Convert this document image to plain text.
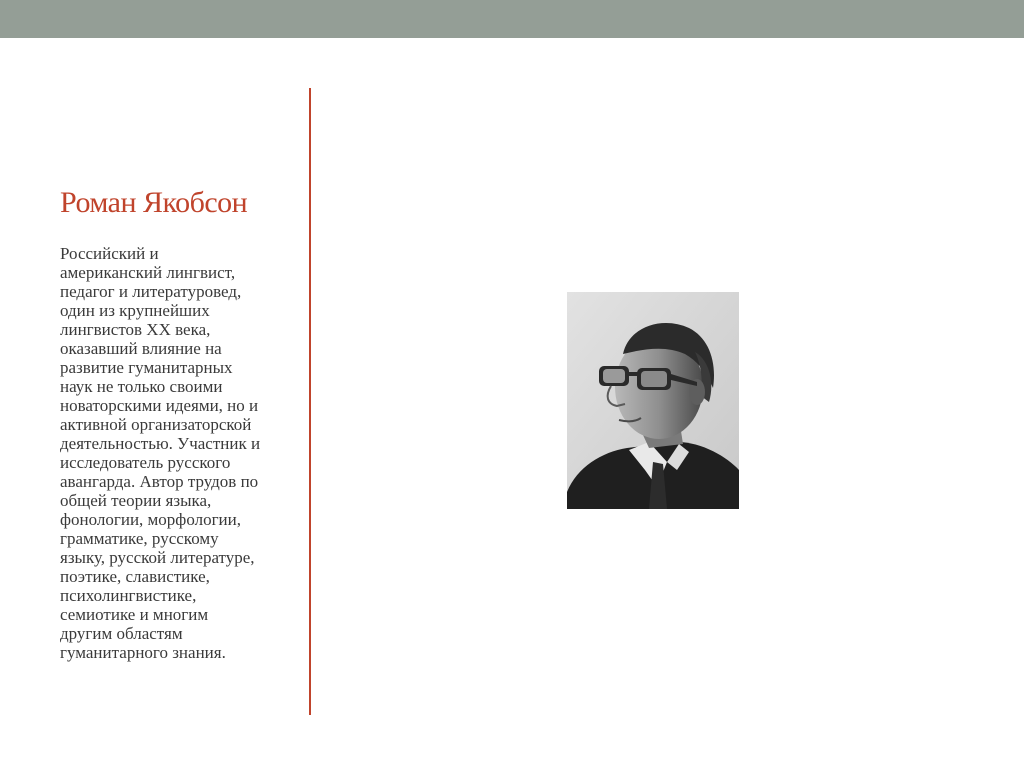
Роман Якобсон

Российский и
американский лингвист,
педагог и литературовед,
один из крупнейших
лингвистов XX века,
оказавший влияние на
развитие гуманитарных
наук не только своими
новаторскими идеями, но и
активной организаторской
деятельностью. Участник и
исследователь русского
авангарда. Автор трудов по
общей теории языка,
фонологии, морфологии,
грамматике, русскому
языку, русской литературе,
поэтике, славистике,
психолингвистике,
семиотике и многим
другим областям
гуманитарного знания.
